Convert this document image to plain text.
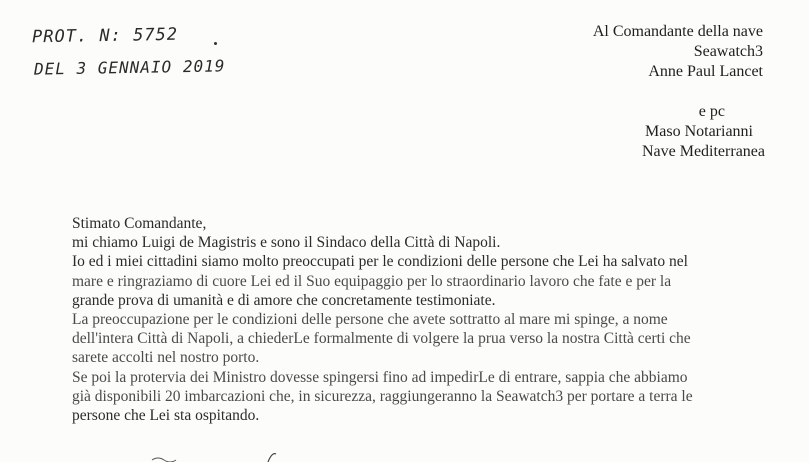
PROT. N: 5752
DEL 3 GENNAIO 2019
Al Comandante della nave
Seawatch3
Anne Paul Lancet
e pc
Maso Notarianni
Nave Mediterranea

Stimato Comandante,

mi chiamo Luigi de Magistris e sono il Sindaco della Città di Napoli.

Io ed i miei cittadini siamo molto preoccupati per le condizioni delle persone che Lei ha salvato nel

mare e ringraziamo di cuore Lei ed il Suo equipaggio per lo straordinario lavoro che fate e per la

grande prova di umanità e di amore che concretamente testimoniate.

La preoccupazione per le condizioni delle persone che avete sottratto al mare mi spinge, a nome

dell'intera Città di Napoli, a chiederLe formalmente di volgere la prua verso la nostra Città certi che

sarete accolti nel nostro porto.

Se poi la protervia dei Ministro dovesse spingersi fino ad impedirLe di entrare, sappia che abbiamo

già disponibili 20 imbarcazioni che, in sicurezza, raggiungeranno la Seawatch3 per portare a terra le

persone che Lei sta ospitando.
